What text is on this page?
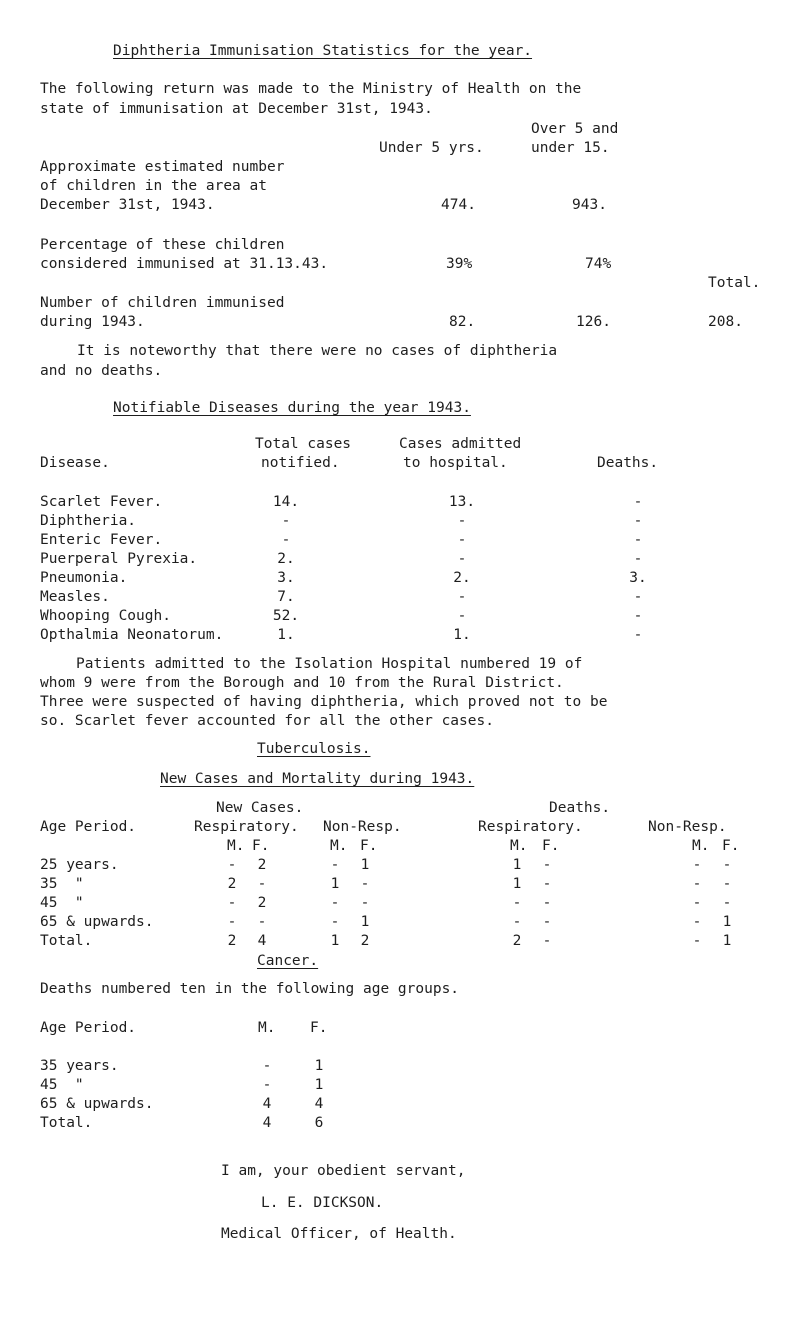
Diphtheria Immunisation Statistics for the year.
The following return was made to the Ministry of Health on the
state of immunisation at December 31st, 1943.
Over 5 and
Under 5 yrs.	under 15.
Approximate estimated number
of children in the area at
December 31st, 1943.	474.	943.
Percentage of these children
considered immunised at 31.13.43.	39%	74%
Total.
Number of children immunised
during 1943.	82.	126.	208.
It is noteworthy that there were no cases of diphtheria
and no deaths.
Notifiable Diseases during the year 1943.
Total cases	Cases admitted
Disease.	notified.	to hospital.	Deaths.
Scarlet Fever.	14.	13.	-
Diphtheria.	-	-	-
Enteric Fever.	-	-	-
Puerperal Pyrexia.	2.	-	-
Pneumonia.	3.	2.	3.
Measles.	7.	-	-
Whooping Cough.	52.	-	-
Opthalmia Neonatorum.	1.	1.	-
Patients admitted to the Isolation Hospital numbered 19 of
whom 9 were from the Borough and 10 from the Rural District.
Three were suspected of having diphtheria, which proved not to be
so. Scarlet fever accounted for all the other cases.
Tuberculosis.
New Cases and Mortality during 1943.
New Cases.	Deaths.
Age Period.	Respiratory. Non-Resp.	Respiratory.	Non-Resp.
M. F.	M. F.	M. F.	M. F.
25 years.	-	2	-	1	1	-	-	-
35  "	2	-	1	-	1	-	-	-
45  "	-	2	-	-	-	-	-	-
65 & upwards.	-	-	-	1	-	-	-	1
Total.	2	4	1	2	2	-	-	1
Cancer.
Deaths numbered ten in the following age groups.
Age Period.	M. F.
35 years.	-	1
45  "	-	1
65 & upwards.	4	4
Total.	4	6
I am, your obedient servant,
L. E. DICKSON.
Medical Officer, of Health.
